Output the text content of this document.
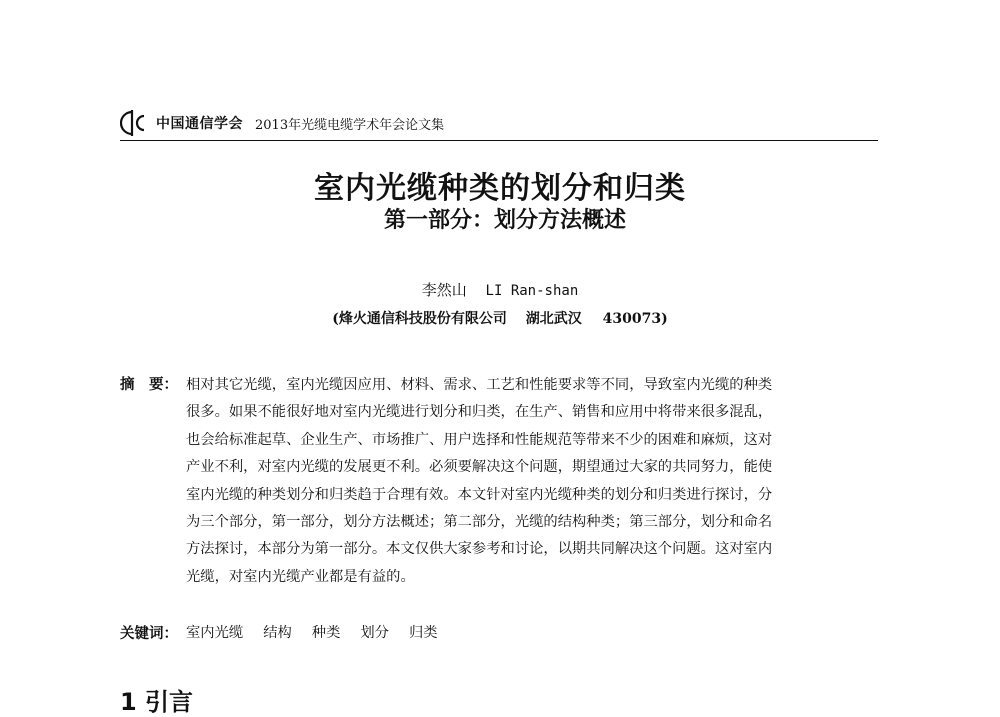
中国通信学会 2013年光缆电缆学术年会论文集
室内光缆种类的划分和归类
第一部分：划分方法概述
李然山 LI Ran-shan
(烽火通信科技股份有限公司 湖北武汉 430073)
摘　要： 相对其它光缆，室内光缆因应用、材料、需求、工艺和性能要求等不同，导致室内光缆的种类
很多。如果不能很好地对室内光缆进行划分和归类，在生产、销售和应用中将带来很多混乱，
也会给标准起草、企业生产、市场推广、用户选择和性能规范等带来不少的困难和麻烦，这对
产业不利，对室内光缆的发展更不利。必须要解决这个问题，期望通过大家的共同努力，能使
室内光缆的种类划分和归类趋于合理有效。本文针对室内光缆种类的划分和归类进行探讨，分
为三个部分，第一部分，划分方法概述；第二部分，光缆的结构种类；第三部分，划分和命名
方法探讨，本部分为第一部分。本文仅供大家参考和讨论，以期共同解决这个问题。这对室内
光缆，对室内光缆产业都是有益的。
关键词： 室内光缆 结构 种类 划分 归类
1 引言
